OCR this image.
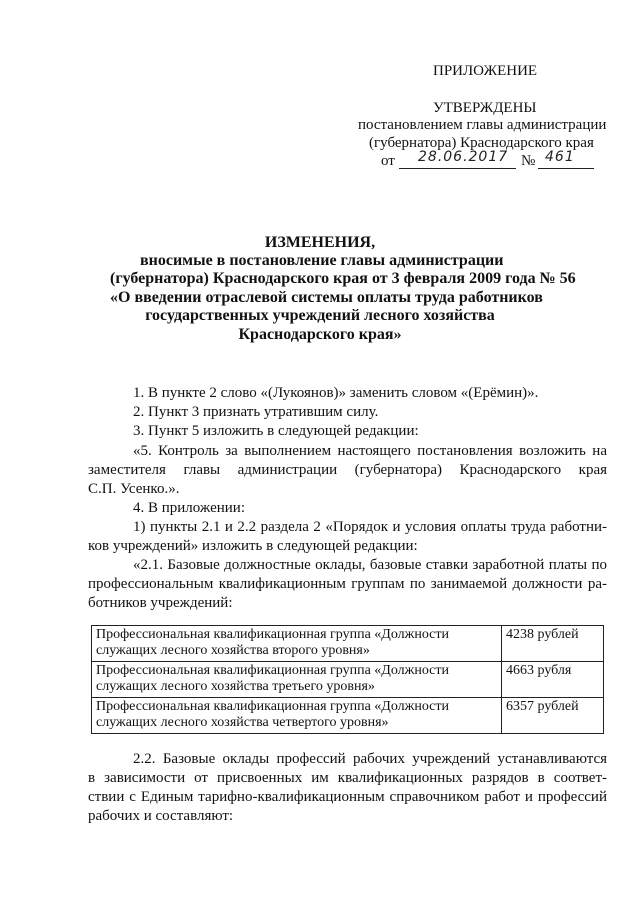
ПРИЛОЖЕНИЕ
УТВЕРЖДЕНЫ
постановлением главы администрации
(губернатора) Краснодарского края
от 28.06.2017 № 461
ИЗМЕНЕНИЯ,
вносимые в постановление главы администрации
(губернатора) Краснодарского края от 3 февраля 2009 года № 56
«О введении отраслевой системы оплаты труда работников
государственных учреждений лесного хозяйства
Краснодарского края»
1. В пункте 2 слово «(Лукоянов)» заменить словом «(Ерёмин)».
2. Пункт 3 признать утратившим силу.
3. Пункт 5 изложить в следующей редакции:
«5. Контроль за выполнением настоящего постановления возложить на
заместителя главы администрации (губернатора) Краснодарского края
С.П. Усенко.».
4. В приложении:
1) пункты 2.1 и 2.2 раздела 2 «Порядок и условия оплаты труда работни-
ков учреждений» изложить в следующей редакции:
«2.1. Базовые должностные оклады, базовые ставки заработной платы по
профессиональным квалификационным группам по занимаемой должности ра-
ботников учреждений:
Профессиональная квалификационная группа «Должности
служащих лесного хозяйства второго уровня»	4238 рублей

Профессиональная квалификационная группа «Должности
служащих лесного хозяйства третьего уровня»	4663 рубля

Профессиональная квалификационная группа «Должности
служащих лесного хозяйства четвертого уровня»	6357 рублей
2.2. Базовые оклады профессий рабочих учреждений устанавливаются
в зависимости от присвоенных им квалификационных разрядов в соответ-
ствии с Единым тарифно-квалификационным справочником работ и профессий
рабочих и составляют:
